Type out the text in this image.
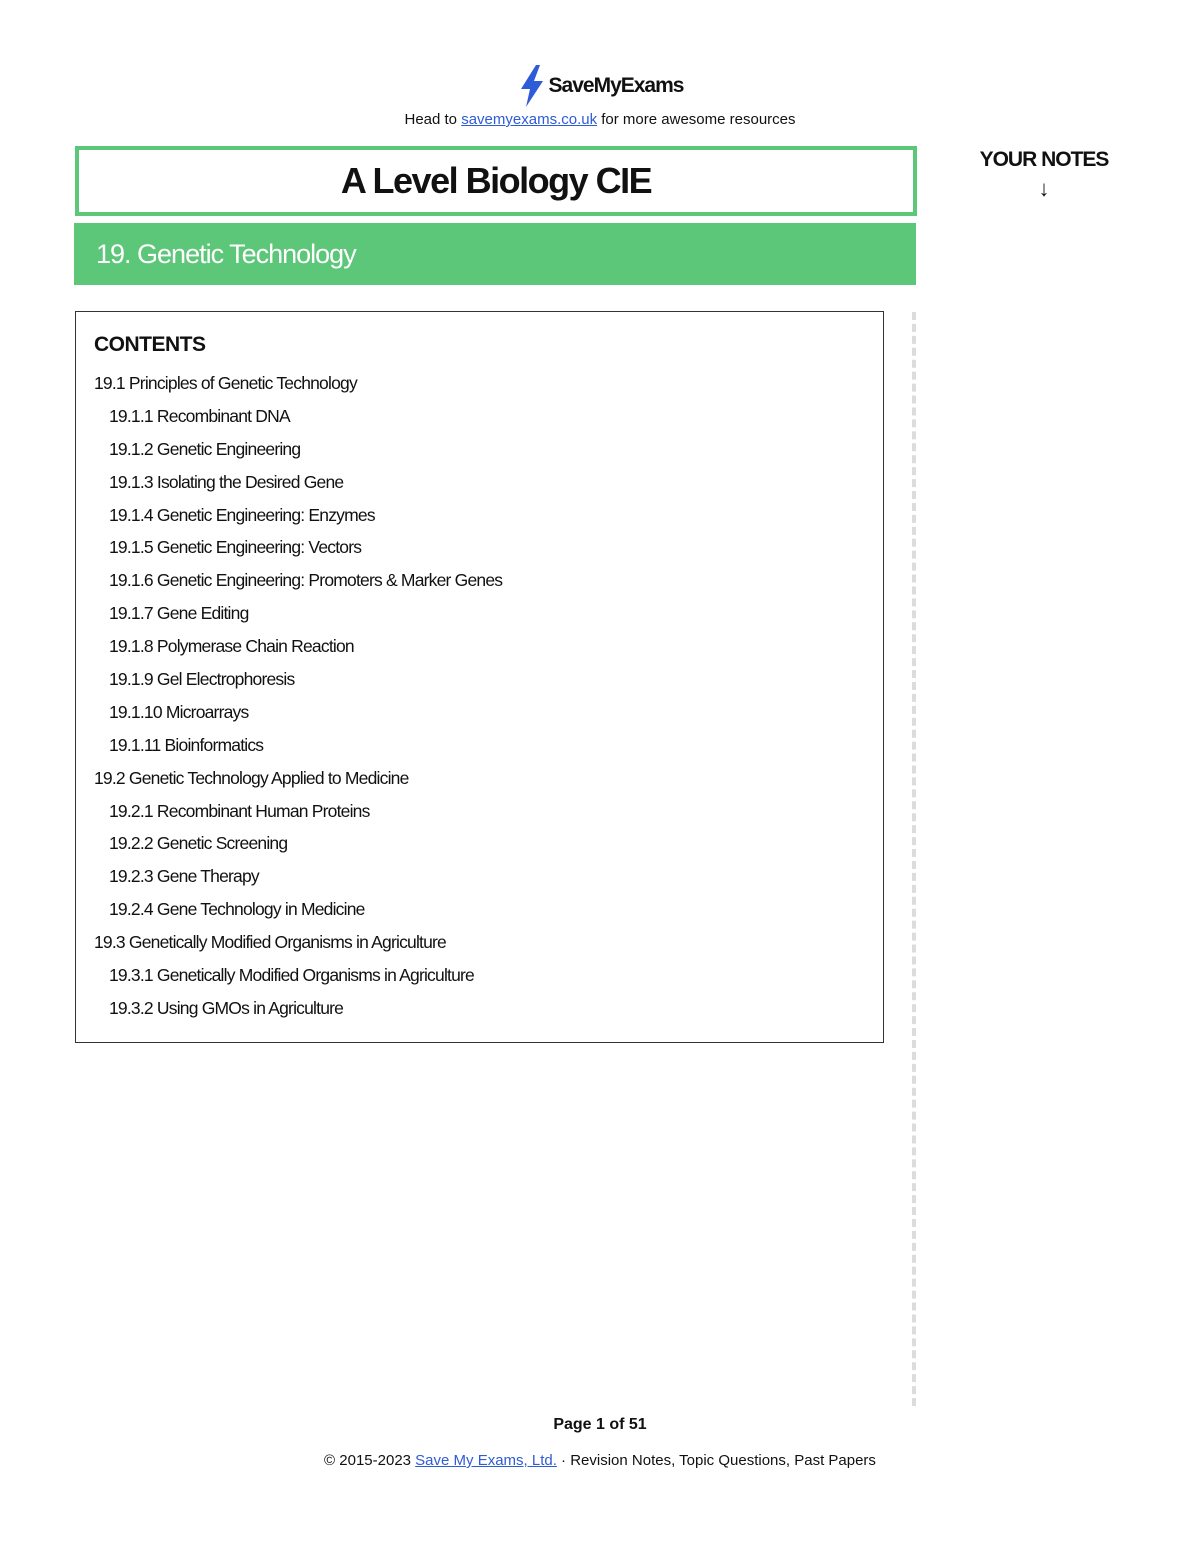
SaveMyExams
Head to savemyexams.co.uk for more awesome resources
A Level Biology CIE
19. Genetic Technology
YOUR NOTES
↓
CONTENTS
19.1 Principles of Genetic Technology
19.1.1 Recombinant DNA
19.1.2 Genetic Engineering
19.1.3 Isolating the Desired Gene
19.1.4 Genetic Engineering: Enzymes
19.1.5 Genetic Engineering: Vectors
19.1.6 Genetic Engineering: Promoters & Marker Genes
19.1.7 Gene Editing
19.1.8 Polymerase Chain Reaction
19.1.9 Gel Electrophoresis
19.1.10 Microarrays
19.1.11 Bioinformatics
19.2 Genetic Technology Applied to Medicine
19.2.1 Recombinant Human Proteins
19.2.2 Genetic Screening
19.2.3 Gene Therapy
19.2.4 Gene Technology in Medicine
19.3 Genetically Modified Organisms in Agriculture
19.3.1 Genetically Modified Organisms in Agriculture
19.3.2 Using GMOs in Agriculture
Page 1 of 51
© 2015-2023 Save My Exams, Ltd. · Revision Notes, Topic Questions, Past Papers
